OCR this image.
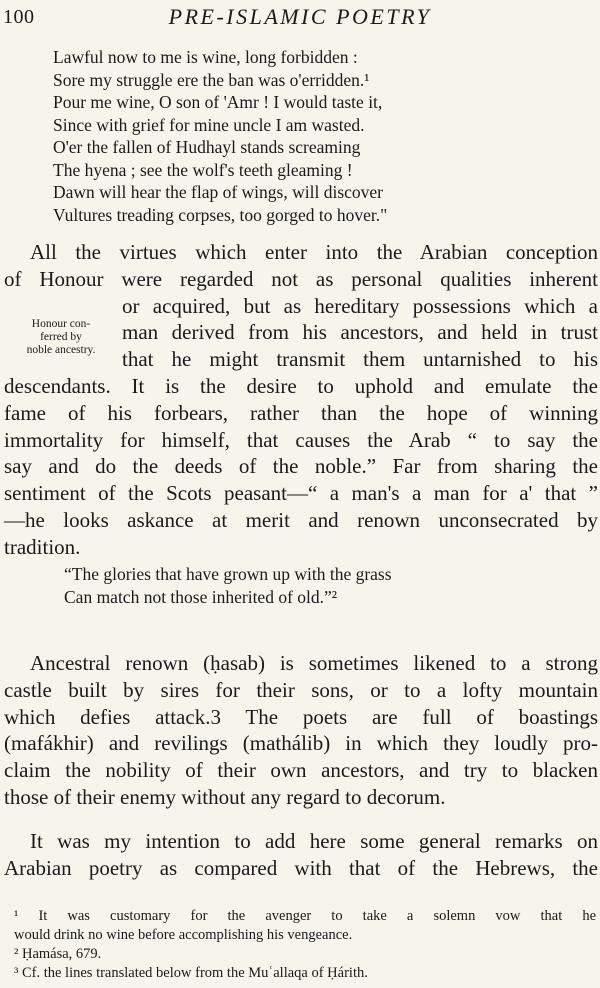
100	PRE-ISLAMIC POETRY
Lawful now to me is wine, long forbidden :
Sore my struggle ere the ban was o'erridden.¹
Pour me wine, O son of 'Amr ! I would taste it,
Since with grief for mine uncle I am wasted.
O'er the fallen of Hudhayl stands screaming
The hyena ; see the wolf's teeth gleaming !
Dawn will hear the flap of wings, will discover
Vultures treading corpses, too gorged to hover."
All the virtues which enter into the Arabian conception
of Honour were regarded not as personal qualities inherent
or acquired, but as hereditary possessions which a
man derived from his ancestors, and held in trust
that he might transmit them untarnished to his
descendants. It is the desire to uphold and emulate the
fame of his forbears, rather than the hope of winning
immortality for himself, that causes the Arab “ to say the
say and do the deeds of the noble.” Far from sharing the
sentiment of the Scots peasant—“ a man's a man for a' that ”
—he looks askance at merit and renown unconsecrated by
tradition.
Honour con-
ferred by
noble ancestry.
“The glories that have grown up with the grass
Can match not those inherited of old.”²
Ancestral renown (ḥasab) is sometimes likened to a strong
castle built by sires for their sons, or to a lofty mountain
which defies attack.3 The poets are full of boastings
(mafákhir) and revilings (mathálib) in which they loudly pro-
claim the nobility of their own ancestors, and try to blacken
those of their enemy without any regard to decorum.
It was my intention to add here some general remarks on
Arabian poetry as compared with that of the Hebrews, the
¹ It was customary for the avenger to take a solemn vow that he
would drink no wine before accomplishing his vengeance.
² Ḥamása, 679.
³ Cf. the lines translated below from the Muʿallaqa of Ḥárith.
